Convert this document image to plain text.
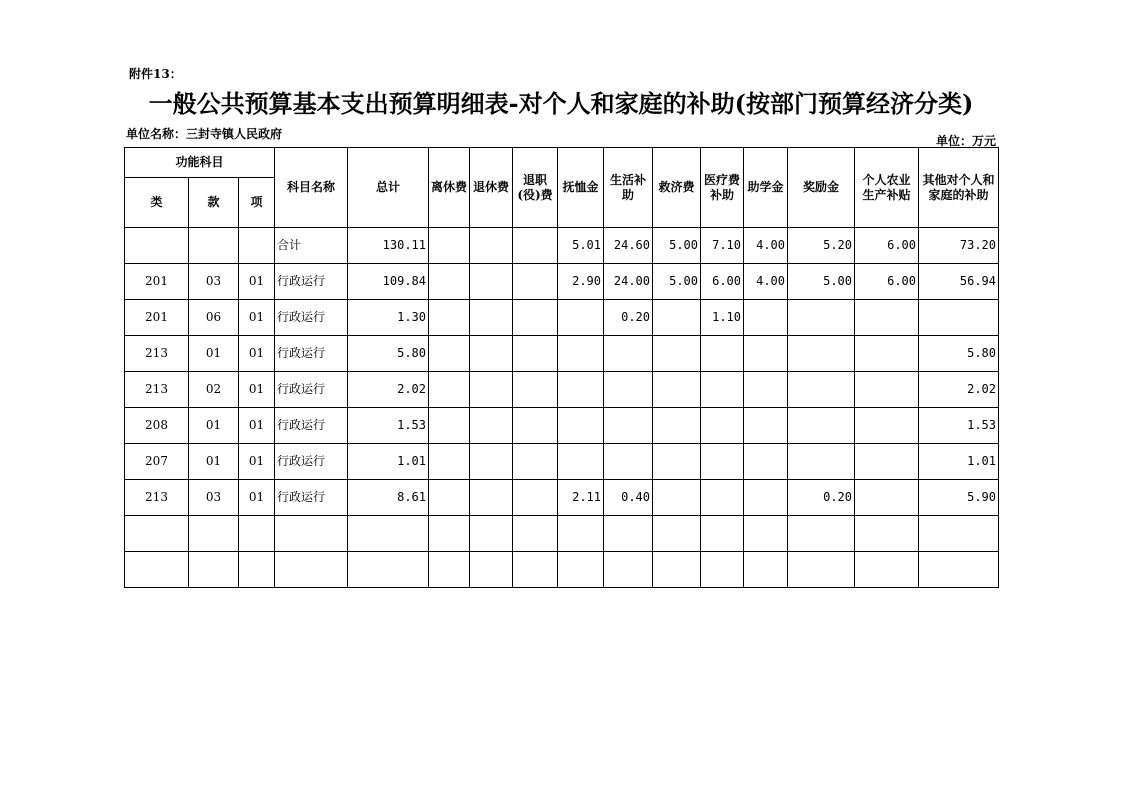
附件13：
一般公共预算基本支出预算明细表-对个人和家庭的补助(按部门预算经济分类)
单位名称：三封寺镇人民政府	单位：万元
功能科目			科目名称	总计	离休费	退休费	退职(役)费	抚恤金	生活补助	救济费	医疗费补助	助学金	奖励金	个人农业生产补贴	其他对个人和家庭的补助
类	款	项													
			合计	130.11				5.01	24.60	5.00	7.10	4.00	5.20	6.00	73.20
201	03	01	行政运行	109.84				2.90	24.00	5.00	6.00	4.00	5.00	6.00	56.94
201	06	01	行政运行	1.30					0.20		1.10				
213	01	01	行政运行	5.80											5.80
213	02	01	行政运行	2.02											2.02
208	01	01	行政运行	1.53											1.53
207	01	01	行政运行	1.01											1.01
213	03	01	行政运行	8.61				2.11	0.40				0.20		5.90
